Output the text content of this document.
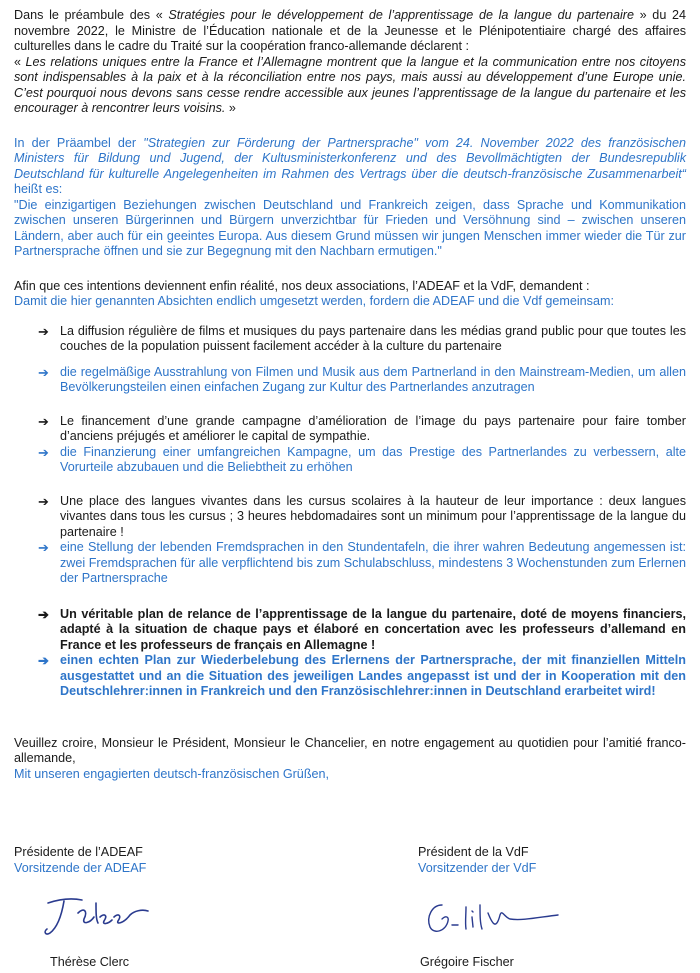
Dans le préambule des « Stratégies pour le développement de l’apprentissage de la langue du partenaire » du 24 novembre 2022, le Ministre de l’Éducation nationale et de la Jeunesse et le Plénipotentiaire chargé des affaires culturelles dans le cadre du Traité sur la coopération franco-allemande déclarent :
« Les relations uniques entre la France et l’Allemagne montrent que la langue et la communication entre nos citoyens sont indispensables à la paix et à la réconciliation entre nos pays, mais aussi au développement d’une Europe unie. C’est pourquoi nous devons sans cesse rendre accessible aux jeunes l’apprentissage de la langue du partenaire et les encourager à rencontrer leurs voisins. »

In der Präambel der "Strategien zur Förderung der Partnersprache" vom 24. November 2022 des französischen Ministers für Bildung und Jugend, der Kultusministerkonferenz und des Bevollmächtigten der Bundesrepublik Deutschland für kulturelle Angelegenheiten im Rahmen des Vertrags über die deutsch-französische Zusammenarbeit“ heißt es:
"Die einzigartigen Beziehungen zwischen Deutschland und Frankreich zeigen, dass Sprache und Kommunikation zwischen unseren Bürgerinnen und Bürgern unverzichtbar für Frieden und Versöhnung sind – zwischen unseren Ländern, aber auch für ein geeintes Europa. Aus diesem Grund müssen wir jungen Menschen immer wieder die Tür zur Partnersprache öffnen und sie zur Begegnung mit den Nachbarn ermutigen."

Afin que ces intentions deviennent enfin réalité, nos deux associations, l’ADEAF et la VdF, demandent :

Damit die hier genannten Absichten endlich umgesetzt werden, fordern die ADEAF und die Vdf gemeinsam:

➔ La diffusion régulière de films et musiques du pays partenaire dans les médias grand public pour que toutes les couches de la population puissent facilement accéder à la culture du partenaire

➔ die regelmäßige Ausstrahlung von Filmen und Musik aus dem Partnerland in den Mainstream-Medien, um allen Bevölkerungsteilen einen einfachen Zugang zur Kultur des Partnerlandes anzutragen

➔ Le financement d’une grande campagne d’amélioration de l’image du pays partenaire pour faire tomber d’anciens préjugés et améliorer le capital de sympathie.

➔ die Finanzierung einer umfangreichen Kampagne, um das Prestige des Partnerlandes zu verbessern, alte Vorurteile abzubauen und die Beliebtheit zu erhöhen

➔ Une place des langues vivantes dans les cursus scolaires à la hauteur de leur importance : deux langues vivantes dans tous les cursus ; 3 heures hebdomadaires sont un minimum pour l’apprentissage de la langue du partenaire !

➔ eine Stellung der lebenden Fremdsprachen in den Stundentafeln, die ihrer wahren Bedeutung angemessen ist: zwei Fremdsprachen für alle verpflichtend bis zum Schulabschluss, mindestens 3 Wochenstunden zum Erlernen der Partnersprache

➔ Un véritable plan de relance de l’apprentissage de la langue du partenaire, doté de moyens financiers, adapté à la situation de chaque pays et élaboré en concertation avec les professeurs d’allemand en France et les professeurs de français en Allemagne !

➔ einen echten Plan zur Wiederbelebung des Erlernens der Partnersprache, der mit finanziellen Mitteln ausgestattet und an die Situation des jeweiligen Landes angepasst ist und der in Kooperation mit den Deutschlehrer:innen in Frankreich und den Französischlehrer:innen in Deutschland erarbeitet wird!

Veuillez croire, Monsieur le Président, Monsieur le Chancelier, en notre engagement au quotidien pour l’amitié franco-allemande,

Mit unseren engagierten deutsch-französischen Grüßen,

Présidente de l’ADEAF
Vorsitzende der ADEAF
Thérèse Clerc
Président de la VdF
Vorsitzender der VdF
Grégoire Fischer
